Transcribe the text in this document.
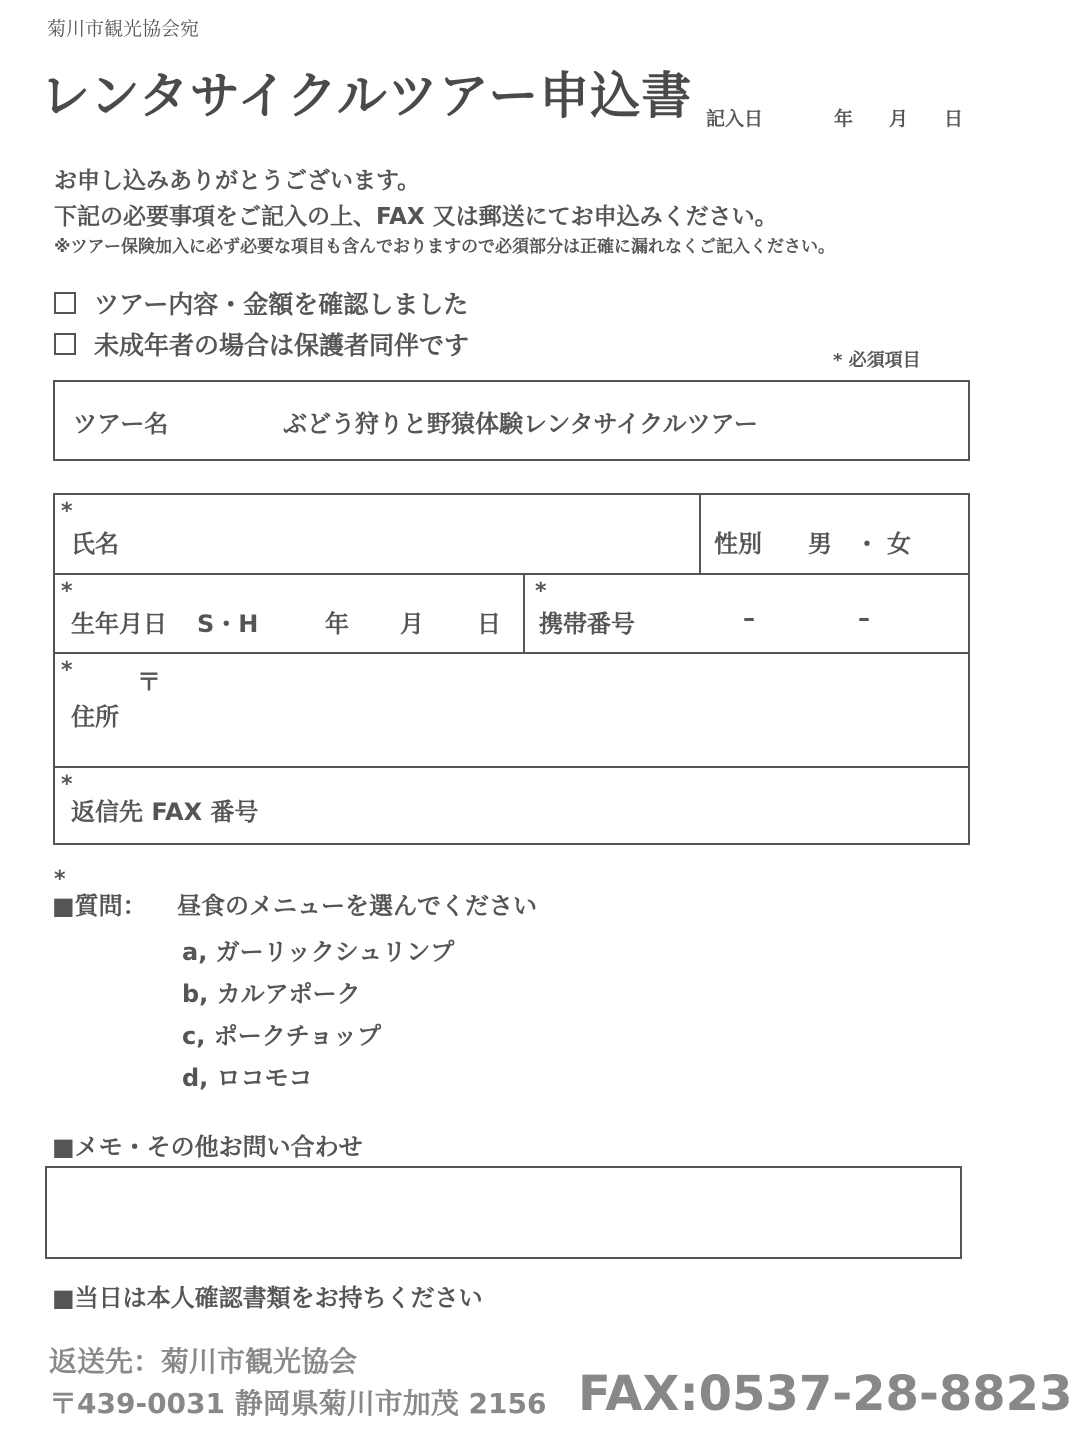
菊川市観光協会宛
レンタサイクルツアー申込書 記入日	年 月 日
お申し込みありがとうございます。
下記の必要事項をご記入の上、FAX 又は郵送にてお申込みください。
※ツアー保険加入に必ず必要な項目も含んでおりますので必須部分は正確に漏れなくご記入ください。
ツアー内容・金額を確認しました
未成年者の場合は保護者同伴です
* 必須項目
ツアー名	ぶどう狩りと野猿体験レンタサイクルツアー
*
氏名	性別 男 ・ 女
*
生年月日 S・H	年 月 日
*
携帯番号	–	–
*	〒
住所
*
返信先 FAX 番号
*
■質問： 昼食のメニューを選んでください
a, ガーリックシュリンプ
b, カルアポーク
c, ポークチョップ
d, ロコモコ
■メモ・その他お問い合わせ
■当日は本人確認書類をお持ちください
返送先：菊川市観光協会
〒439-0031 静岡県菊川市加茂 2156 FAX:0537-28-8823
